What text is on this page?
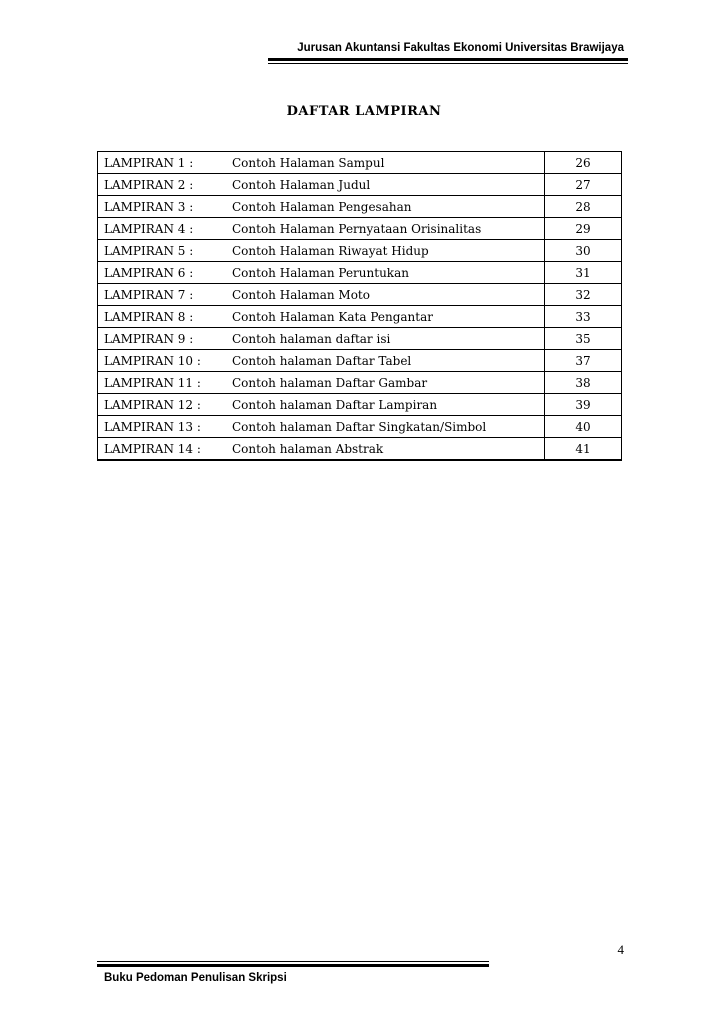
Jurusan Akuntansi Fakultas Ekonomi Universitas Brawijaya
DAFTAR LAMPIRAN
LAMPIRAN 1 :	Contoh Halaman Sampul	26
LAMPIRAN 2 :	Contoh Halaman Judul	27
LAMPIRAN 3 :	Contoh Halaman Pengesahan	28
LAMPIRAN 4 :	Contoh Halaman Pernyataan Orisinalitas	29
LAMPIRAN 5 :	Contoh Halaman Riwayat Hidup	30
LAMPIRAN 6 :	Contoh Halaman Peruntukan	31
LAMPIRAN 7 :	Contoh Halaman Moto	32
LAMPIRAN 8 :	Contoh Halaman Kata Pengantar	33
LAMPIRAN 9 :	Contoh halaman daftar isi	35
LAMPIRAN 10 :	Contoh halaman Daftar Tabel	37
LAMPIRAN 11 :	Contoh halaman Daftar Gambar	38
LAMPIRAN 12 :	Contoh halaman Daftar Lampiran	39
LAMPIRAN 13 :	Contoh halaman Daftar Singkatan/Simbol	40
LAMPIRAN 14 :	Contoh halaman Abstrak	41
4
Buku Pedoman Penulisan Skripsi
